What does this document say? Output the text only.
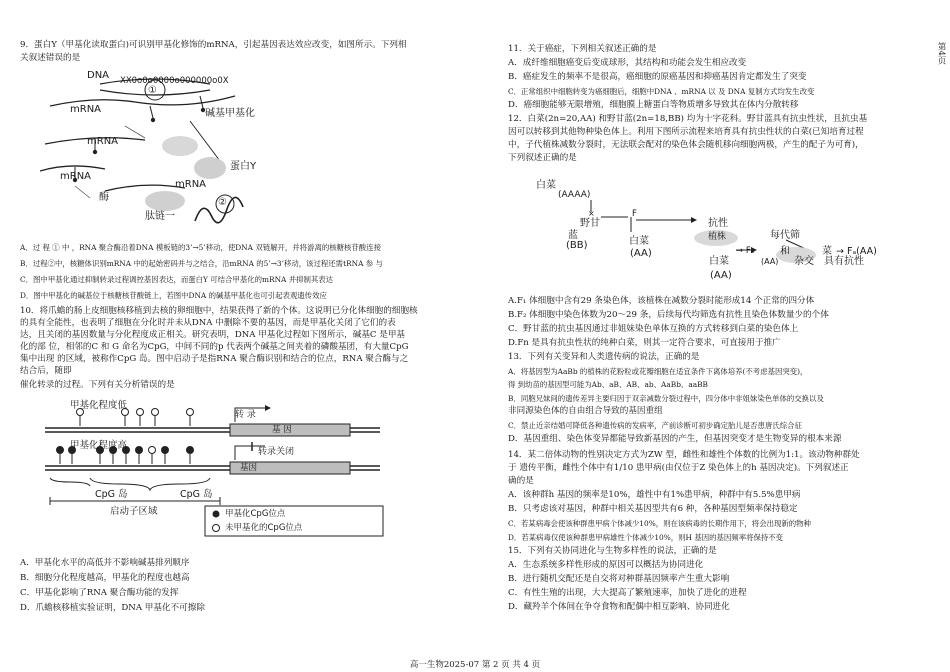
第4页
9．蛋白Y（甲基化读取蛋白)可识别甲基化修饰的mRNA，引起基因表达效应改变，如图所示。下列相
关叙述错误的是
DNA XX0o0o0000o000000o0X
①
mRNA	碱基甲基化
mRNA
蛋白Y
mRNA
mRNA
酶	②
肽链一
A．过 程 ① 中 ，RNA 聚合酶沿着DNA 模板链的3’→5’移动，使DNA 双链解开，并将游离的核糖核苷酸连接
B．过程②中，核糖体识别mRNA 中的起始密码并与之结合，沿mRNA 的5’→3’移动，该过程还需tRNA 参 与
C．图中甲基化通过抑制转录过程调控基因表达，而蛋白Y 可结合甲基化的mRNA 并抑制其表达
D．图中甲基化的碱基位于核糖核苷酸链上，若图中DNA 的碱基甲基化也可引起表观遗传效应
10．将爪蟾的肠上皮细胞核移植到去核的卵细胞中，结果获得了新的个体。这说明已分化体细胞的细胞核
的具有全能性，也表明了细胞在分化时并未从DNA 中删除不要的基因，而是甲基化关闭了它们的表
达，且关闭的基因数量与分化程度成正相关。研究表明，DNA 甲基化过程如下图所示，碱基C 是甲基
化的部 位，相邻的C 和 G 命名为CpG，中间不同的p 代表两个碱基之间夹着的磷酸基团，有大量CpG
集中出现 的区域，被称作CpG 岛。图中启动子是指RNA 聚合酶识别和结合的位点，RNA 聚合酶与之
结合后，随即
催化转录的过程。下列有关分析错误的是
甲基化程度低
转 录
基 因
甲基化程度高
转录关闭
基因
CpG 岛	CpG 岛
启动子区域	甲基化CpG位点
未甲基化的CpG位点
A．甲基化水平的高低并不影响碱基排列顺序
B．细胞分化程度越高，甲基化的程度也越高
C．甲基化影响了RNA 聚合酶功能的发挥
D．爪蟾核移植实验证明，DNA 甲基化不可擦除
11．关于癌症，下列相关叙述正确的是
A．成纤维细胞癌变后变成球形，其结构和功能会发生相应改变
B．癌症发生的频率不是很高，癌细胞的原癌基因和抑癌基因肯定都发生了突变
C．正常组织中细胞转变为癌细胞后，细胞中DNA 、mRNA 以 及 DNA 复制方式均发生改变
D．癌细胞能够无限增殖，细胞膜上糖蛋白等物质增多导致其在体内分散转移
12．白菜(2n=20,AA) 和野甘蓝(2n=18,BB) 均为十字花科。野甘蓝具有抗虫性状，且抗虫基
因可以转移到其他物种染色体上。利用下图所示流程来培育具有抗虫性状的白菜(已知培育过程
中，子代植株减数分裂时，无法联会配对的染色体会随机移向细胞两极，产生的配子为可育)，
下列叙述正确的是
白菜
(AAAA)
×	F
野甘
蓝
(BB)	白菜
(AA)
抗性
植株
→ F₃
白菜
(AA)
每代筛
和	菜 → Fₐ(AA)
(AA) 杂交 具有抗性
A.F₁ 体细胞中含有29 条染色体，该植株在减数分裂时能形成14 个正常的四分体
B.F₂ 体细胞中染色体数为20～29 条，后续每代均筛选有抗性且染色体数量少的个体
C．野甘蓝的抗虫基因通过非姐妹染色单体互换的方式转移到白菜的染色体上
D.Fn 是具有抗虫性状的纯种白菜，则其一定符合要求，可直接用于推广
13．下列有关变异和人类遗传病的说法，正确的是
A．将基因型为AaBb 的植株的花粉粒或花瓣细胞在适宜条件下离体培养(不考虑基因突变)，
得 到幼苗的基因型可能为Ab、aB、AB、ab、AaBb、aaBB
B．同胞兄妹间的遗传差异主要归因于双亲减数分裂过程中，四分体中非姐妹染色单体的交换以及
非同源染色体的自由组合导致的基因重组
C．禁止近亲结婚可降低各种遗传病的发病率，产前诊断可初步确定胎儿是否患唐氏综合征
D．基因重组、染色体变异都能导致新基因的产生，但基因突变才是生物变异的根本来源
14．某二倍体动物的性别决定方式为ZW 型，雌性和雄性个体数的比例为1:1。该动物种群处
于 遗传平衡，雌性个体中有1/10 患甲病(由仅位于Z 染色体上的h 基因决定)。下列叙述正
确的是
A．该种群h 基因的频率是10%，雄性中有1%患甲病，种群中有5.5%患甲病
B．只考虑该对基因，种群中相关基因型共有6 种，各种基因型频率保持稳定
C．若某病毒会使该种群患甲病个体减少10%，则在该病毒的长期作用下，将会出现新的物种
D．若某病毒仅使该种群患甲病雄性个体减少10%，则H 基因的基因频率将保持不变
15．下列有关协同进化与生物多样性的说法，正确的是
A．生态系统多样性形成的原因可以概括为协同进化
B．进行随机交配还是自交将对种群基因频率产生重大影响
C．有性生殖的出现，大大提高了繁殖速率，加快了进化的进程
D．藏羚羊个体间在争夺食物和配偶中相互影响、协同进化
高一生物2025-07 第 2 页 共 4 页
